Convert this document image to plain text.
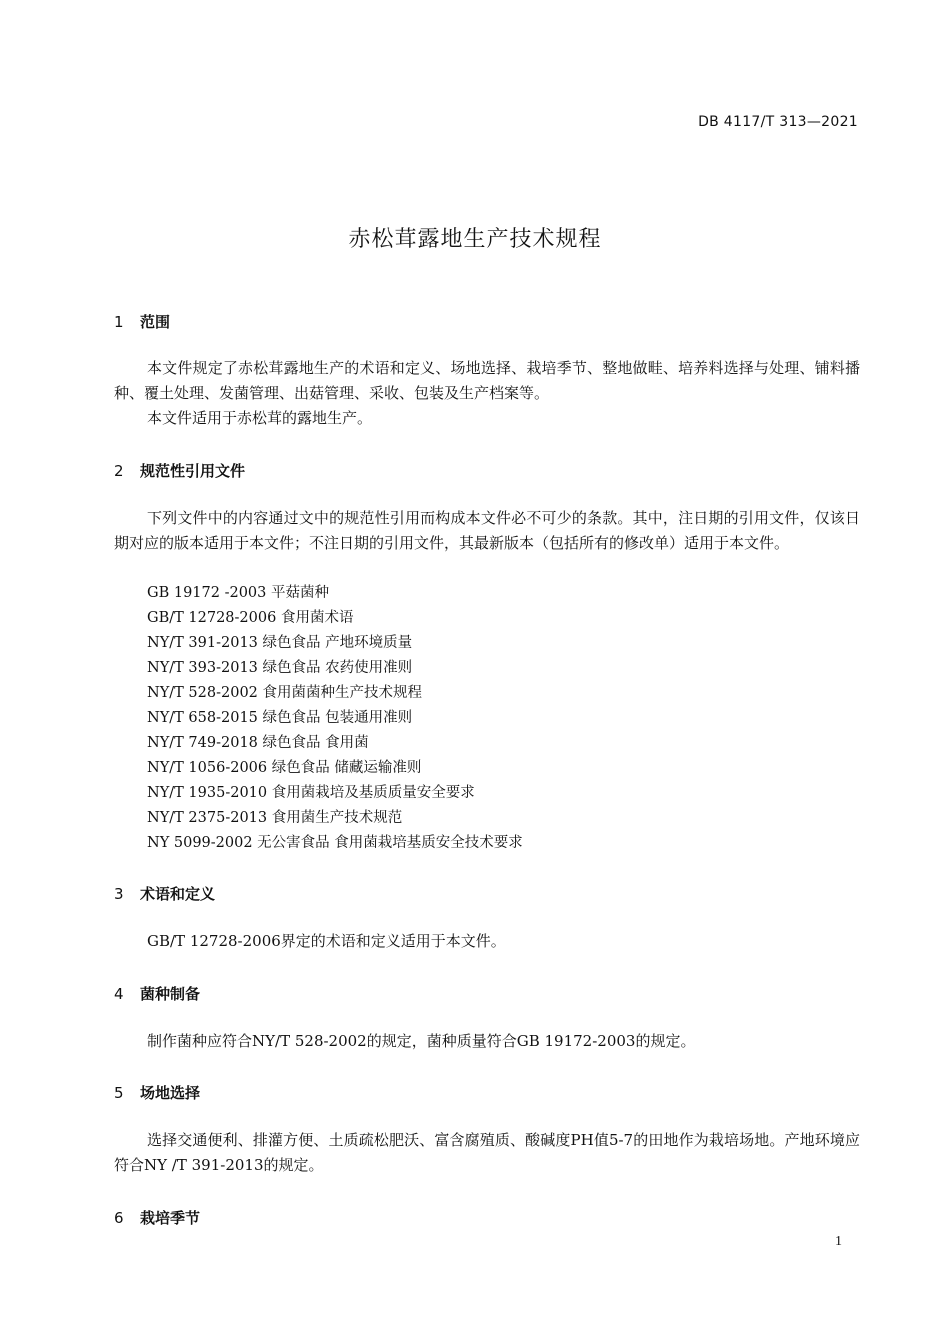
DB 4117/T 313—2021
赤松茸露地生产技术规程
1 范围

本文件规定了赤松茸露地生产的术语和定义、场地选择、栽培季节、整地做畦、培养料选择与处理、铺料播种、覆土处理、发菌管理、出菇管理、采收、包装及生产档案等。

本文件适用于赤松茸的露地生产。

2 规范性引用文件

下列文件中的内容通过文中的规范性引用而构成本文件必不可少的条款。其中，注日期的引用文件，仅该日期对应的版本适用于本文件；不注日期的引用文件，其最新版本（包括所有的修改单）适用于本文件。

GB 19172 -2003 平菇菌种
GB/T 12728-2006 食用菌术语
NY/T 391-2013 绿色食品 产地环境质量
NY/T 393-2013 绿色食品 农药使用准则
NY/T 528-2002 食用菌菌种生产技术规程
NY/T 658-2015 绿色食品 包装通用准则
NY/T 749-2018 绿色食品 食用菌
NY/T 1056-2006 绿色食品 储藏运输准则
NY/T 1935-2010 食用菌栽培及基质质量安全要求
NY/T 2375-2013 食用菌生产技术规范
NY 5099-2002 无公害食品 食用菌栽培基质安全技术要求
3 术语和定义

GB/T 12728-2006界定的术语和定义适用于本文件。

4 菌种制备

制作菌种应符合NY/T 528-2002的规定，菌种质量符合GB 19172-2003的规定。

5 场地选择

选择交通便利、排灌方便、土质疏松肥沃、富含腐殖质、酸碱度PH值5-7的田地作为栽培场地。产地环境应符合NY /T 391-2013的规定。

6 栽培季节
1
